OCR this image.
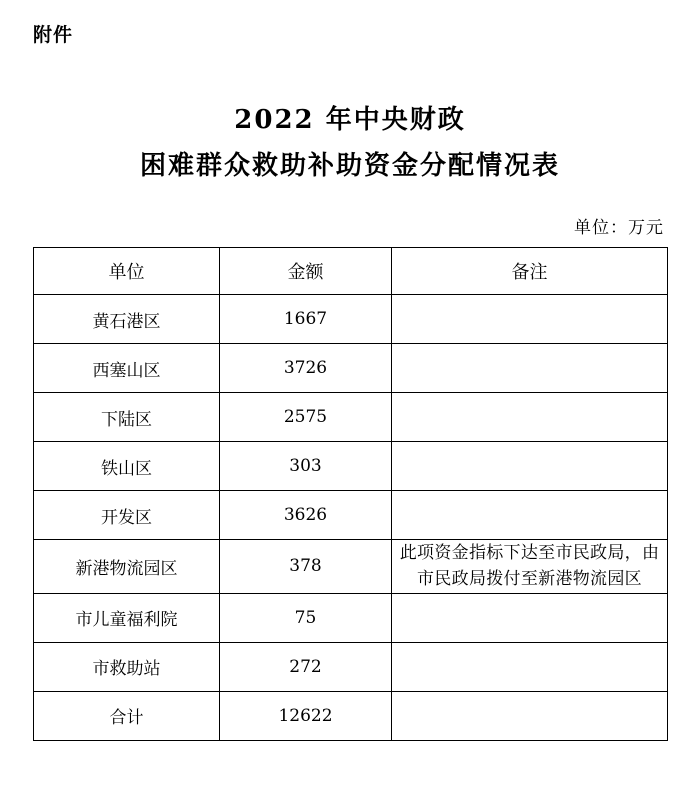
附件
2022 年中央财政
困难群众救助补助资金分配情况表
单位：万元
单位	金额	备注
黄石港区	1667	
西塞山区	3726	
下陆区	2575	
铁山区	303	
开发区	3626	
新港物流园区	378	此项资金指标下达至市民政局，由市民政局拨付至新港物流园区
市儿童福利院	75	
市救助站	272	
合计	12622	
